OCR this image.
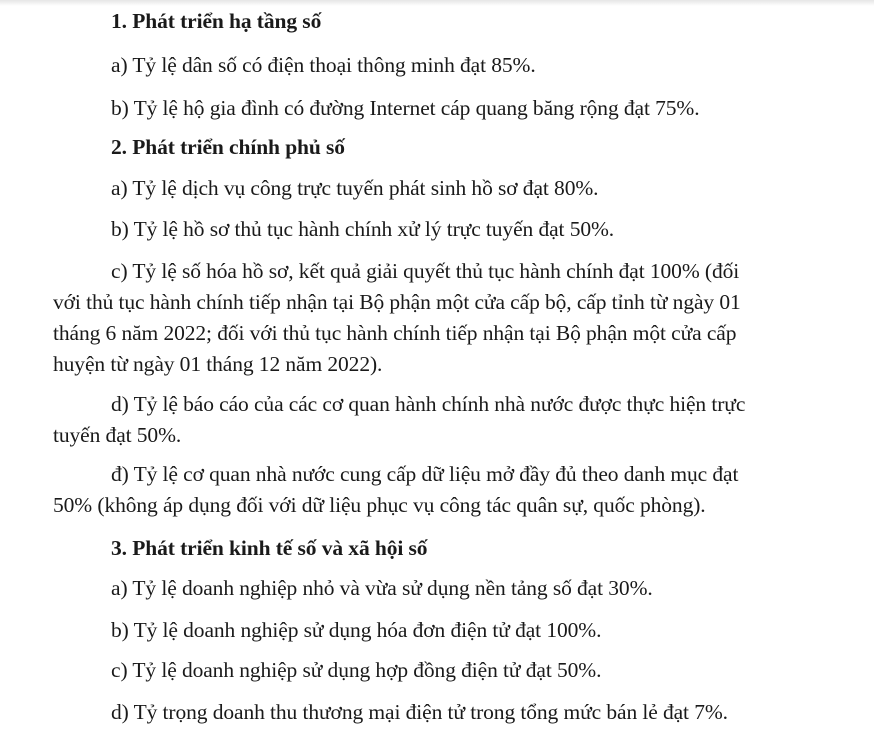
1. Phát triển hạ tầng số
a) Tỷ lệ dân số có điện thoại thông minh đạt 85%.
b) Tỷ lệ hộ gia đình có đường Internet cáp quang băng rộng đạt 75%.
2. Phát triển chính phủ số
a) Tỷ lệ dịch vụ công trực tuyến phát sinh hồ sơ đạt 80%.
b) Tỷ lệ hồ sơ thủ tục hành chính xử lý trực tuyến đạt 50%.
c) Tỷ lệ số hóa hồ sơ, kết quả giải quyết thủ tục hành chính đạt 100% (đối
với thủ tục hành chính tiếp nhận tại Bộ phận một cửa cấp bộ, cấp tỉnh từ ngày 01
tháng 6 năm 2022; đối với thủ tục hành chính tiếp nhận tại Bộ phận một cửa cấp
huyện từ ngày 01 tháng 12 năm 2022).
d) Tỷ lệ báo cáo của các cơ quan hành chính nhà nước được thực hiện trực
tuyến đạt 50%.
đ) Tỷ lệ cơ quan nhà nước cung cấp dữ liệu mở đầy đủ theo danh mục đạt
50% (không áp dụng đối với dữ liệu phục vụ công tác quân sự, quốc phòng).
3. Phát triển kinh tế số và xã hội số
a) Tỷ lệ doanh nghiệp nhỏ và vừa sử dụng nền tảng số đạt 30%.
b) Tỷ lệ doanh nghiệp sử dụng hóa đơn điện tử đạt 100%.
c) Tỷ lệ doanh nghiệp sử dụng hợp đồng điện tử đạt 50%.
d) Tỷ trọng doanh thu thương mại điện tử trong tổng mức bán lẻ đạt 7%.
